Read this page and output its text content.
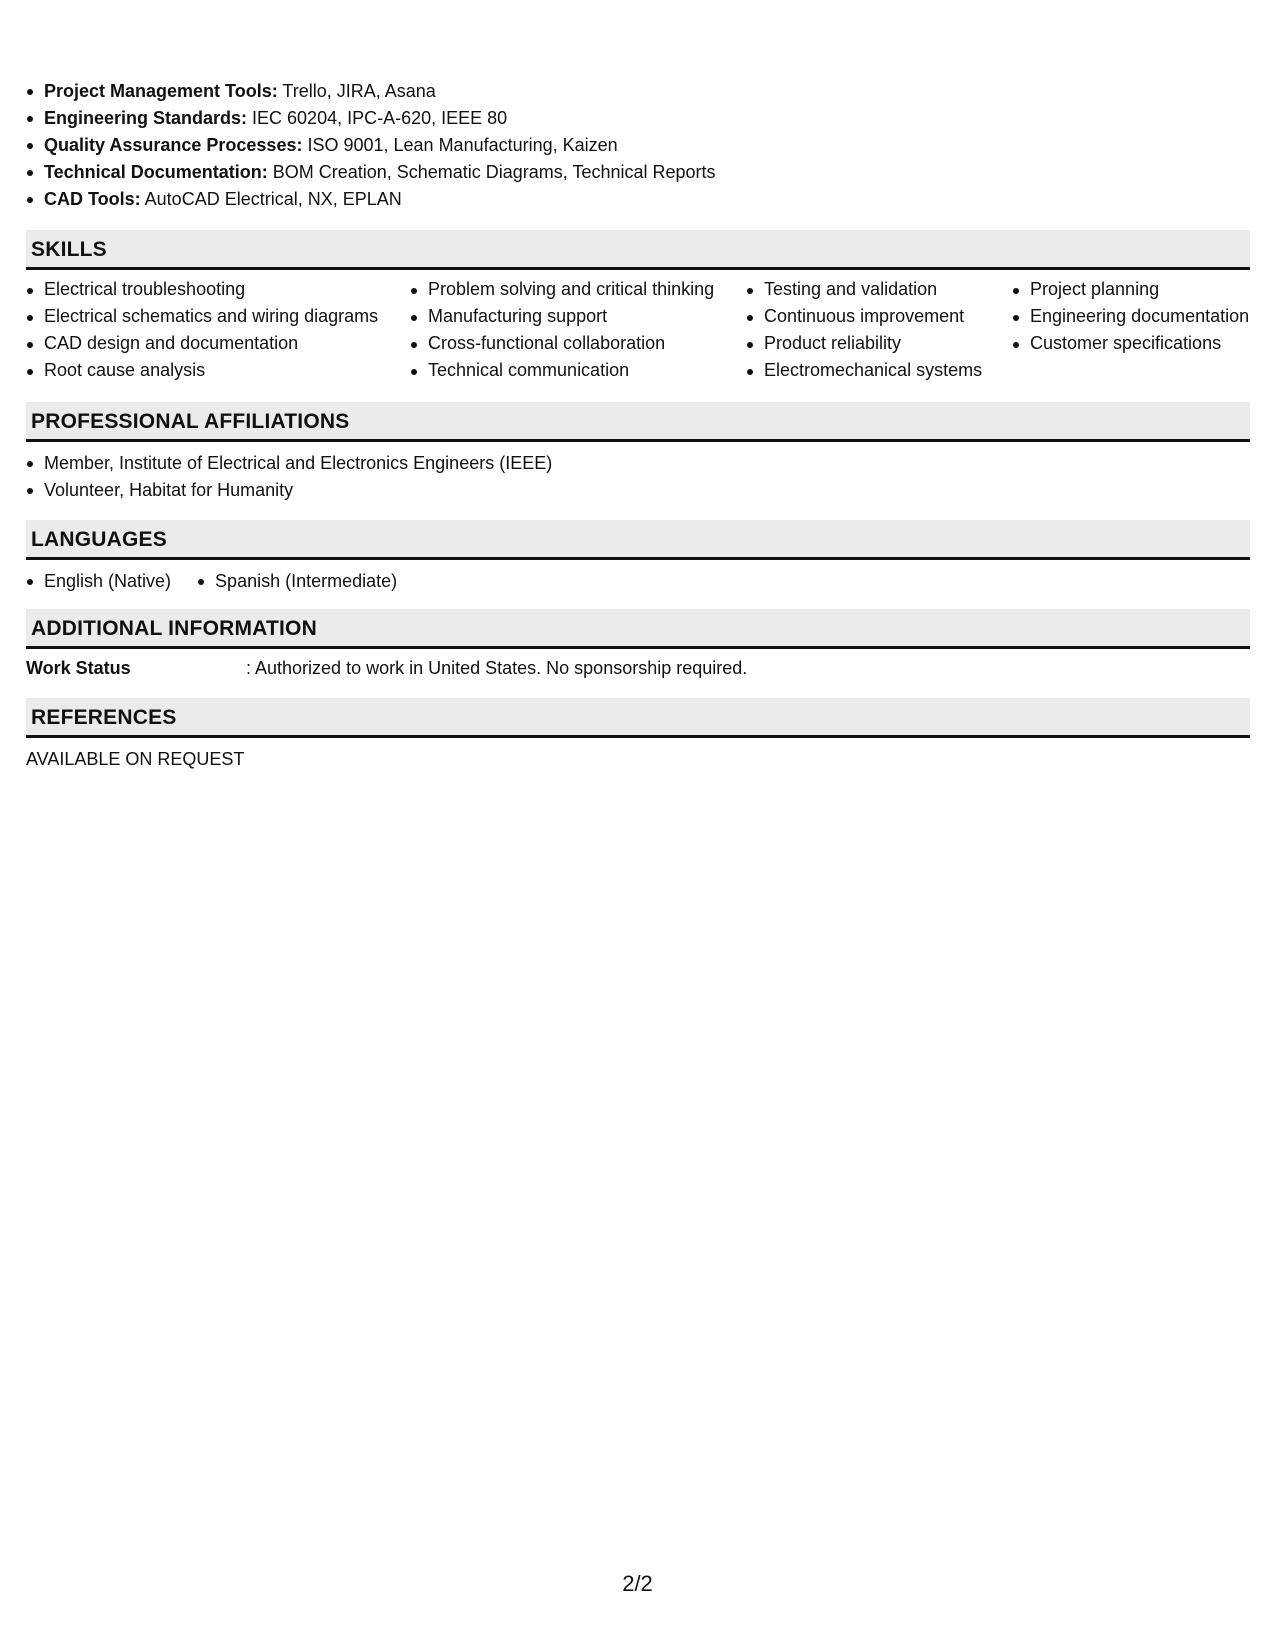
Project Management Tools: Trello, JIRA, Asana
Engineering Standards: IEC 60204, IPC-A-620, IEEE 80
Quality Assurance Processes: ISO 9001, Lean Manufacturing, Kaizen
Technical Documentation: BOM Creation, Schematic Diagrams, Technical Reports
CAD Tools: AutoCAD Electrical, NX, EPLAN
SKILLS
Electrical troubleshooting
Electrical schematics and wiring diagrams
CAD design and documentation
Root cause analysis
Problem solving and critical thinking
Manufacturing support
Cross-functional collaboration
Technical communication
Testing and validation
Continuous improvement
Product reliability
Electromechanical systems
Project planning
Engineering documentation
Customer specifications
PROFESSIONAL AFFILIATIONS
Member, Institute of Electrical and Electronics Engineers (IEEE)
Volunteer, Habitat for Humanity
LANGUAGES
English (Native)	Spanish (Intermediate)
ADDITIONAL INFORMATION
Work Status	: Authorized to work in United States. No sponsorship required.
REFERENCES
AVAILABLE ON REQUEST
2/2
